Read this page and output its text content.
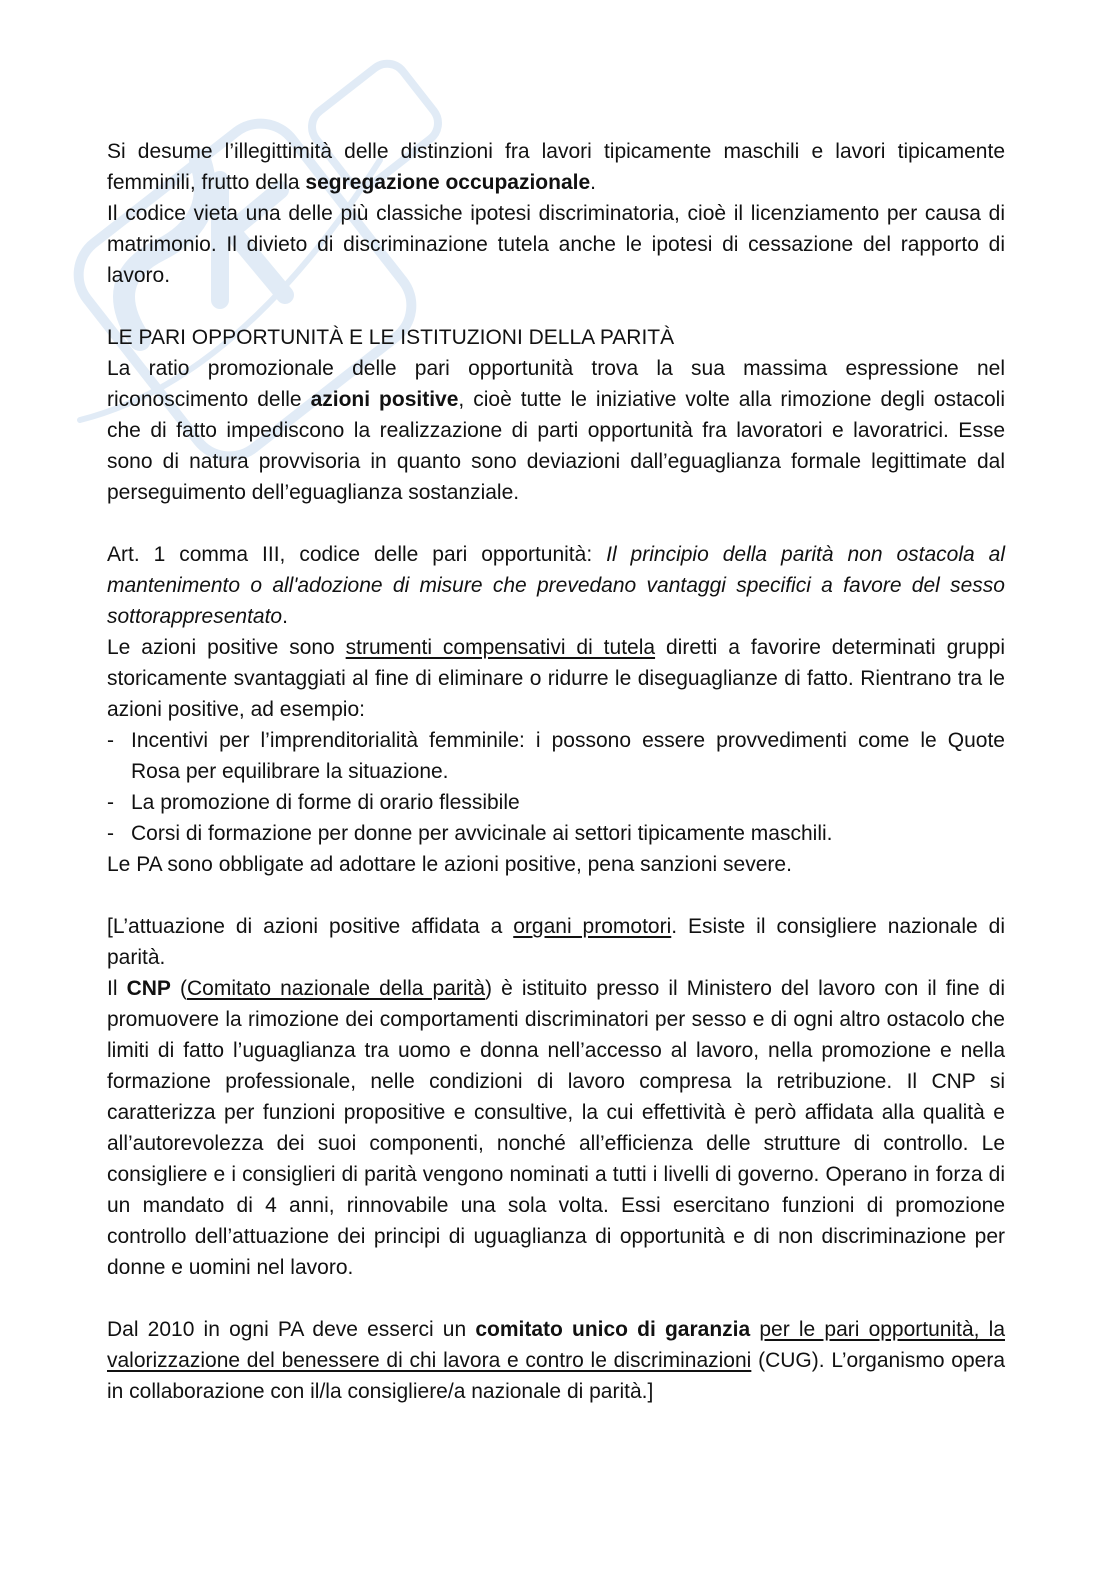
Si desume l’illegittimità delle distinzioni fra lavori tipicamente maschili e lavori tipicamente femminili, frutto della segregazione occupazionale.

Il codice vieta una delle più classiche ipotesi discriminatoria, cioè il licenziamento per causa di matrimonio. Il divieto di discriminazione tutela anche le ipotesi di cessazione del rapporto di lavoro.

LE PARI OPPORTUNITÀ E LE ISTITUZIONI DELLA PARITÀ

La ratio promozionale delle pari opportunità trova la sua massima espressione nel riconoscimento delle azioni positive, cioè tutte le iniziative volte alla rimozione degli ostacoli che di fatto impediscono la realizzazione di parti opportunità fra lavoratori e lavoratrici. Esse sono di natura provvisoria in quanto sono deviazioni dall’eguaglianza formale legittimate dal perseguimento dell’eguaglianza sostanziale.

Art. 1 comma III, codice delle pari opportunità: Il principio della parità non ostacola al mantenimento o all'adozione di misure che prevedano vantaggi specifici a favore del sesso sottorappresentato.

Le azioni positive sono strumenti compensativi di tutela diretti a favorire determinati gruppi storicamente svantaggiati al fine di eliminare o ridurre le diseguaglianze di fatto. Rientrano tra le azioni positive, ad esempio:

- Incentivi per l’imprenditorialità femminile: i possono essere provvedimenti come le Quote Rosa per equilibrare la situazione.
- La promozione di forme di orario flessibile
- Corsi di formazione per donne per avvicinale ai settori tipicamente maschili.

Le PA sono obbligate ad adottare le azioni positive, pena sanzioni severe.

[L’attuazione di azioni positive affidata a organi promotori. Esiste il consigliere nazionale di parità.

Il CNP (Comitato nazionale della parità) è istituito presso il Ministero del lavoro con il fine di promuovere la rimozione dei comportamenti discriminatori per sesso e di ogni altro ostacolo che limiti di fatto l’uguaglianza tra uomo e donna nell’accesso al lavoro, nella promozione e nella formazione professionale, nelle condizioni di lavoro compresa la retribuzione. Il CNP si caratterizza per funzioni propositive e consultive, la cui effettività è però affidata alla qualità e all’autorevolezza dei suoi componenti, nonché all’efficienza delle strutture di controllo. Le consigliere e i consiglieri di parità vengono nominati a tutti i livelli di governo. Operano in forza di un mandato di 4 anni, rinnovabile una sola volta. Essi esercitano funzioni di promozione controllo dell’attuazione dei principi di uguaglianza di opportunità e di non discriminazione per donne e uomini nel lavoro.

Dal 2010 in ogni PA deve esserci un comitato unico di garanzia per le pari opportunità, la valorizzazione del benessere di chi lavora e contro le discriminazioni (CUG). L’organismo opera in collaborazione con il/la consigliere/a nazionale di parità.]
